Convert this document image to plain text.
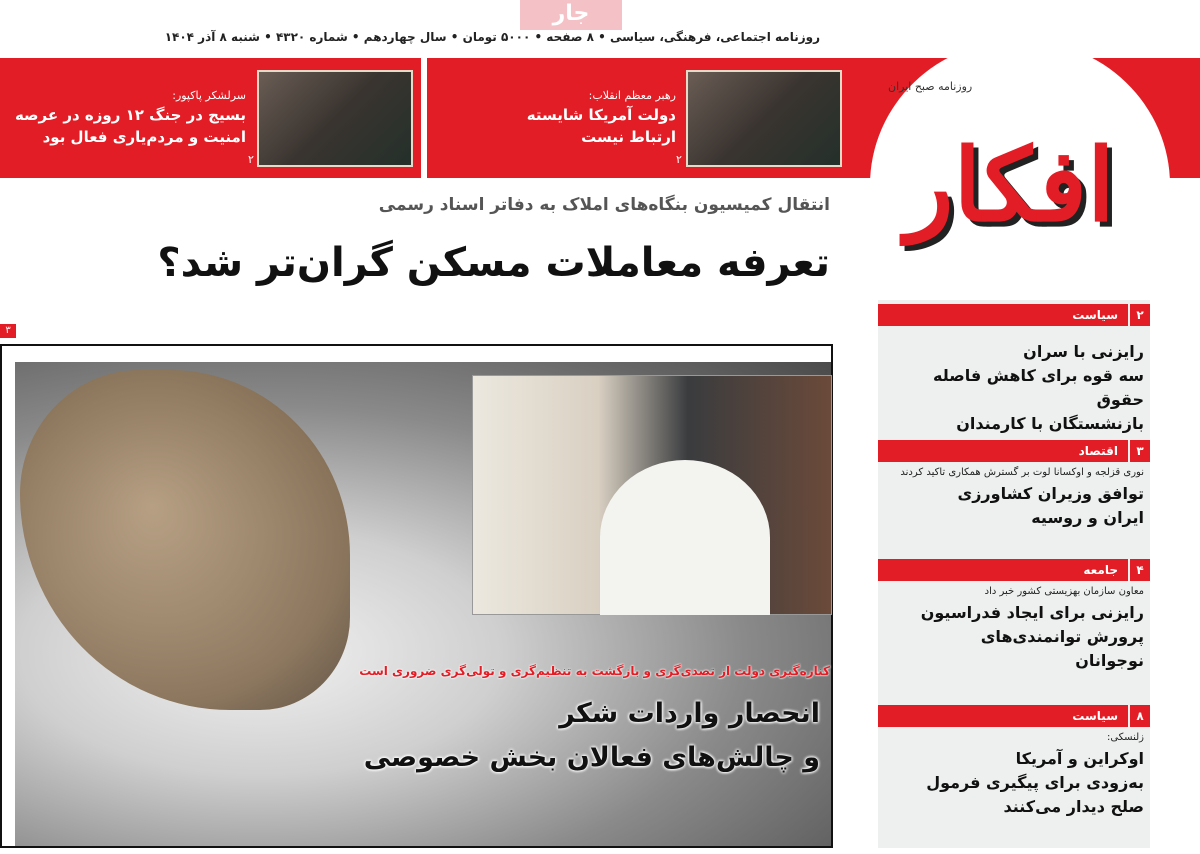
جار
روزنامه اجتماعی، فرهنگی، سیاسی • ۸ صفحه • ۵۰۰۰ تومان • سال چهاردهم • شماره ۴۳۲۰ • شنبه ۸ آذر ۱۴۰۴
رهبر معظم انقلاب:
دولت آمریکا شایسته
ارتباط نیست
۲
سرلشکر پاکپور:
بسیج در جنگ ۱۲ روزه در عرصه
امنیت و مردم‌یاری فعال بود
۲	افکار
روزنامه صبح ایران
انتقال کمیسیون بنگاه‌های املاک به دفاتر اسناد رسمی
تعرفه معاملات مسکن گران‌تر شد؟
۳
کناره‌گیری دولت از تصدی‌گری و بازگشت به تنظیم‌گری و تولی‌گری ضروری است
انحصار واردات شکر
و چالش‌های فعالان بخش خصوصی
سیاست	۲
رایزنی با سران
سه قوه برای کاهش فاصله حقوق
بازنشستگان با کارمندان
اقتصاد	۳
نوری قزلجه و اوکسانا لوت بر گسترش همکاری تاکید کردند
توافق وزیران کشاورزی
ایران و روسیه
جامعه	۴
معاون سازمان بهزیستی کشور خبر داد
رایزنی برای ایجاد فدراسیون
پرورش توانمندی‌های
نوجوانان
سیاست	۸
زلنسکی:
اوکراین و آمریکا
به‌زودی برای پیگیری فرمول
صلح دیدار می‌کنند
